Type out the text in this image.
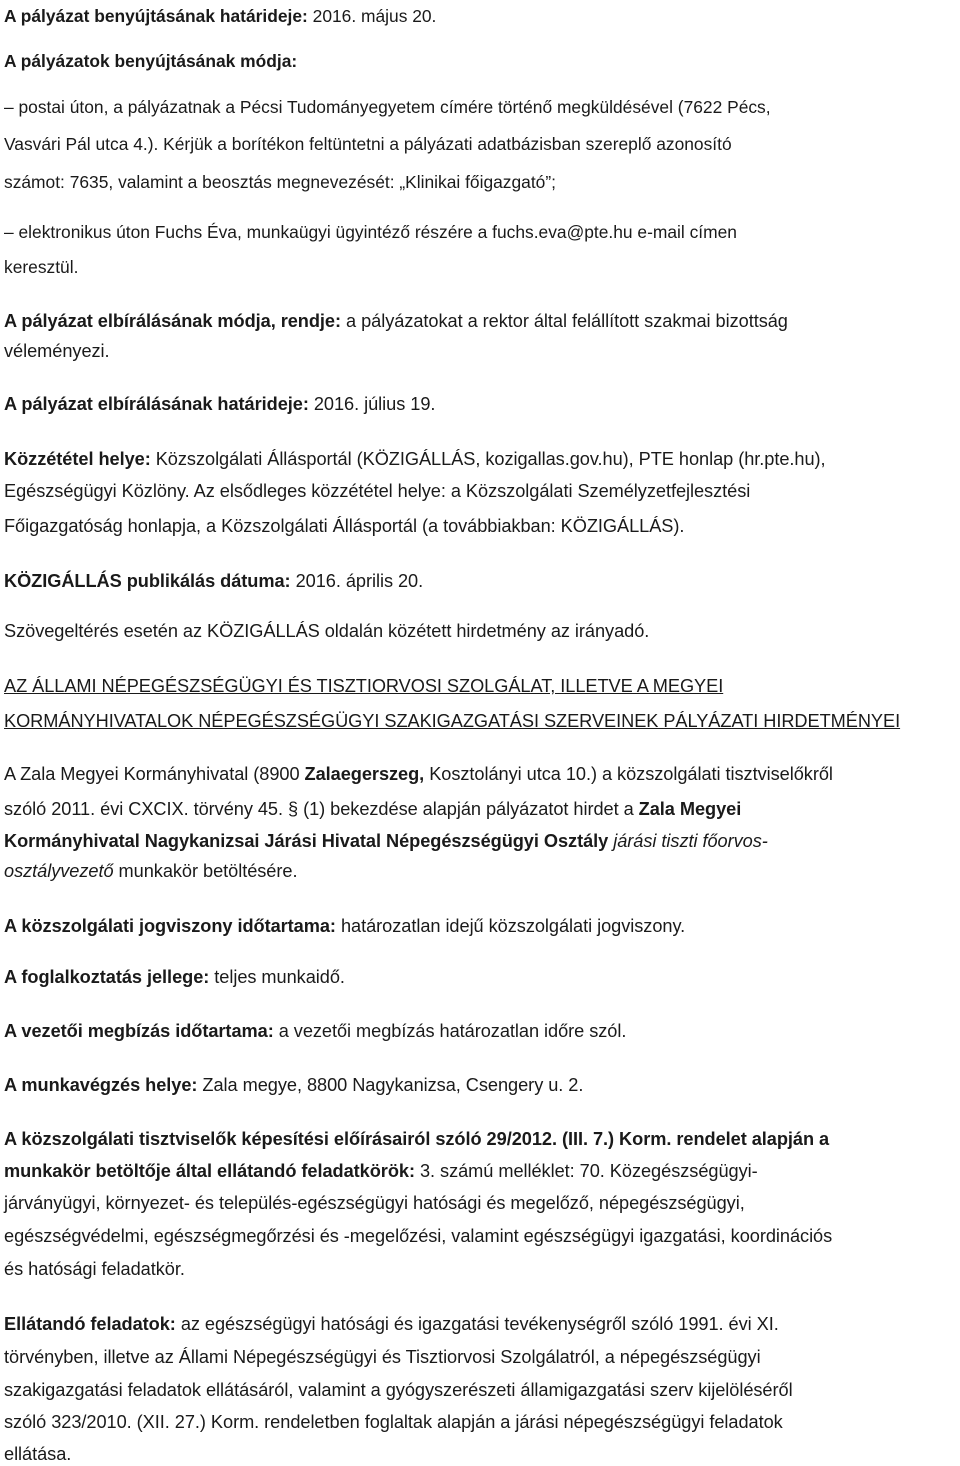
A pályázat benyújtásának határideje: 2016. május 20.
A pályázatok benyújtásának módja:
– postai úton, a pályázatnak a Pécsi Tudományegyetem címére történő megküldésével (7622 Pécs,
Vasvári Pál utca 4.). Kérjük a borítékon feltüntetni a pályázati adatbázisban szereplő azonosító
számot: 7635, valamint a beosztás megnevezését: „Klinikai főigazgató”;
– elektronikus úton Fuchs Éva, munkaügyi ügyintéző részére a fuchs.eva@pte.hu e-mail címen
keresztül.
A pályázat elbírálásának módja, rendje: a pályázatokat a rektor által felállított szakmai bizottság
véleményezi.
A pályázat elbírálásának határideje: 2016. július 19.
Közzététel helye: Közszolgálati Állásportál (KÖZIGÁLLÁS, kozigallas.gov.hu), PTE honlap (hr.pte.hu),
Egészségügyi Közlöny. Az elsődleges közzététel helye: a Közszolgálati Személyzetfejlesztési
Főigazgatóság honlapja, a Közszolgálati Állásportál (a továbbiakban: KÖZIGÁLLÁS).
KÖZIGÁLLÁS publikálás dátuma: 2016. április 20.
Szövegeltérés esetén az KÖZIGÁLLÁS oldalán közétett hirdetmény az irányadó.
AZ ÁLLAMI NÉPEGÉSZSÉGÜGYI ÉS TISZTIORVOSI SZOLGÁLAT, ILLETVE A MEGYEI
KORMÁNYHIVATALOK NÉPEGÉSZSÉGÜGYI SZAKIGAZGATÁSI SZERVEINEK PÁLYÁZATI HIRDETMÉNYEI
A Zala Megyei Kormányhivatal (8900 Zalaegerszeg, Kosztolányi utca 10.) a közszolgálati tisztviselőkről
szóló 2011. évi CXCIX. törvény 45. § (1) bekezdése alapján pályázatot hirdet a Zala Megyei
Kormányhivatal Nagykanizsai Járási Hivatal Népegészségügyi Osztály járási tiszti főorvos-
osztályvezető munkakör betöltésére.
A közszolgálati jogviszony időtartama: határozatlan idejű közszolgálati jogviszony.
A foglalkoztatás jellege: teljes munkaidő.
A vezetői megbízás időtartama: a vezetői megbízás határozatlan időre szól.
A munkavégzés helye: Zala megye, 8800 Nagykanizsa, Csengery u. 2.
A közszolgálati tisztviselők képesítési előírásairól szóló 29/2012. (III. 7.) Korm. rendelet alapján a
munkakör betöltője által ellátandó feladatkörök: 3. számú melléklet: 70. Közegészségügyi-
járványügyi, környezet- és település-egészségügyi hatósági és megelőző, népegészségügyi,
egészségvédelmi, egészségmegőrzési és -megelőzési, valamint egészségügyi igazgatási, koordinációs
és hatósági feladatkör.
Ellátandó feladatok: az egészségügyi hatósági és igazgatási tevékenységről szóló 1991. évi XI.
törvényben, illetve az Állami Népegészségügyi és Tisztiorvosi Szolgálatról, a népegészségügyi
szakigazgatási feladatok ellátásáról, valamint a gyógyszerészeti államigazgatási szerv kijelöléséről
szóló 323/2010. (XII. 27.) Korm. rendeletben foglaltak alapján a járási népegészségügyi feladatok
ellátása.
